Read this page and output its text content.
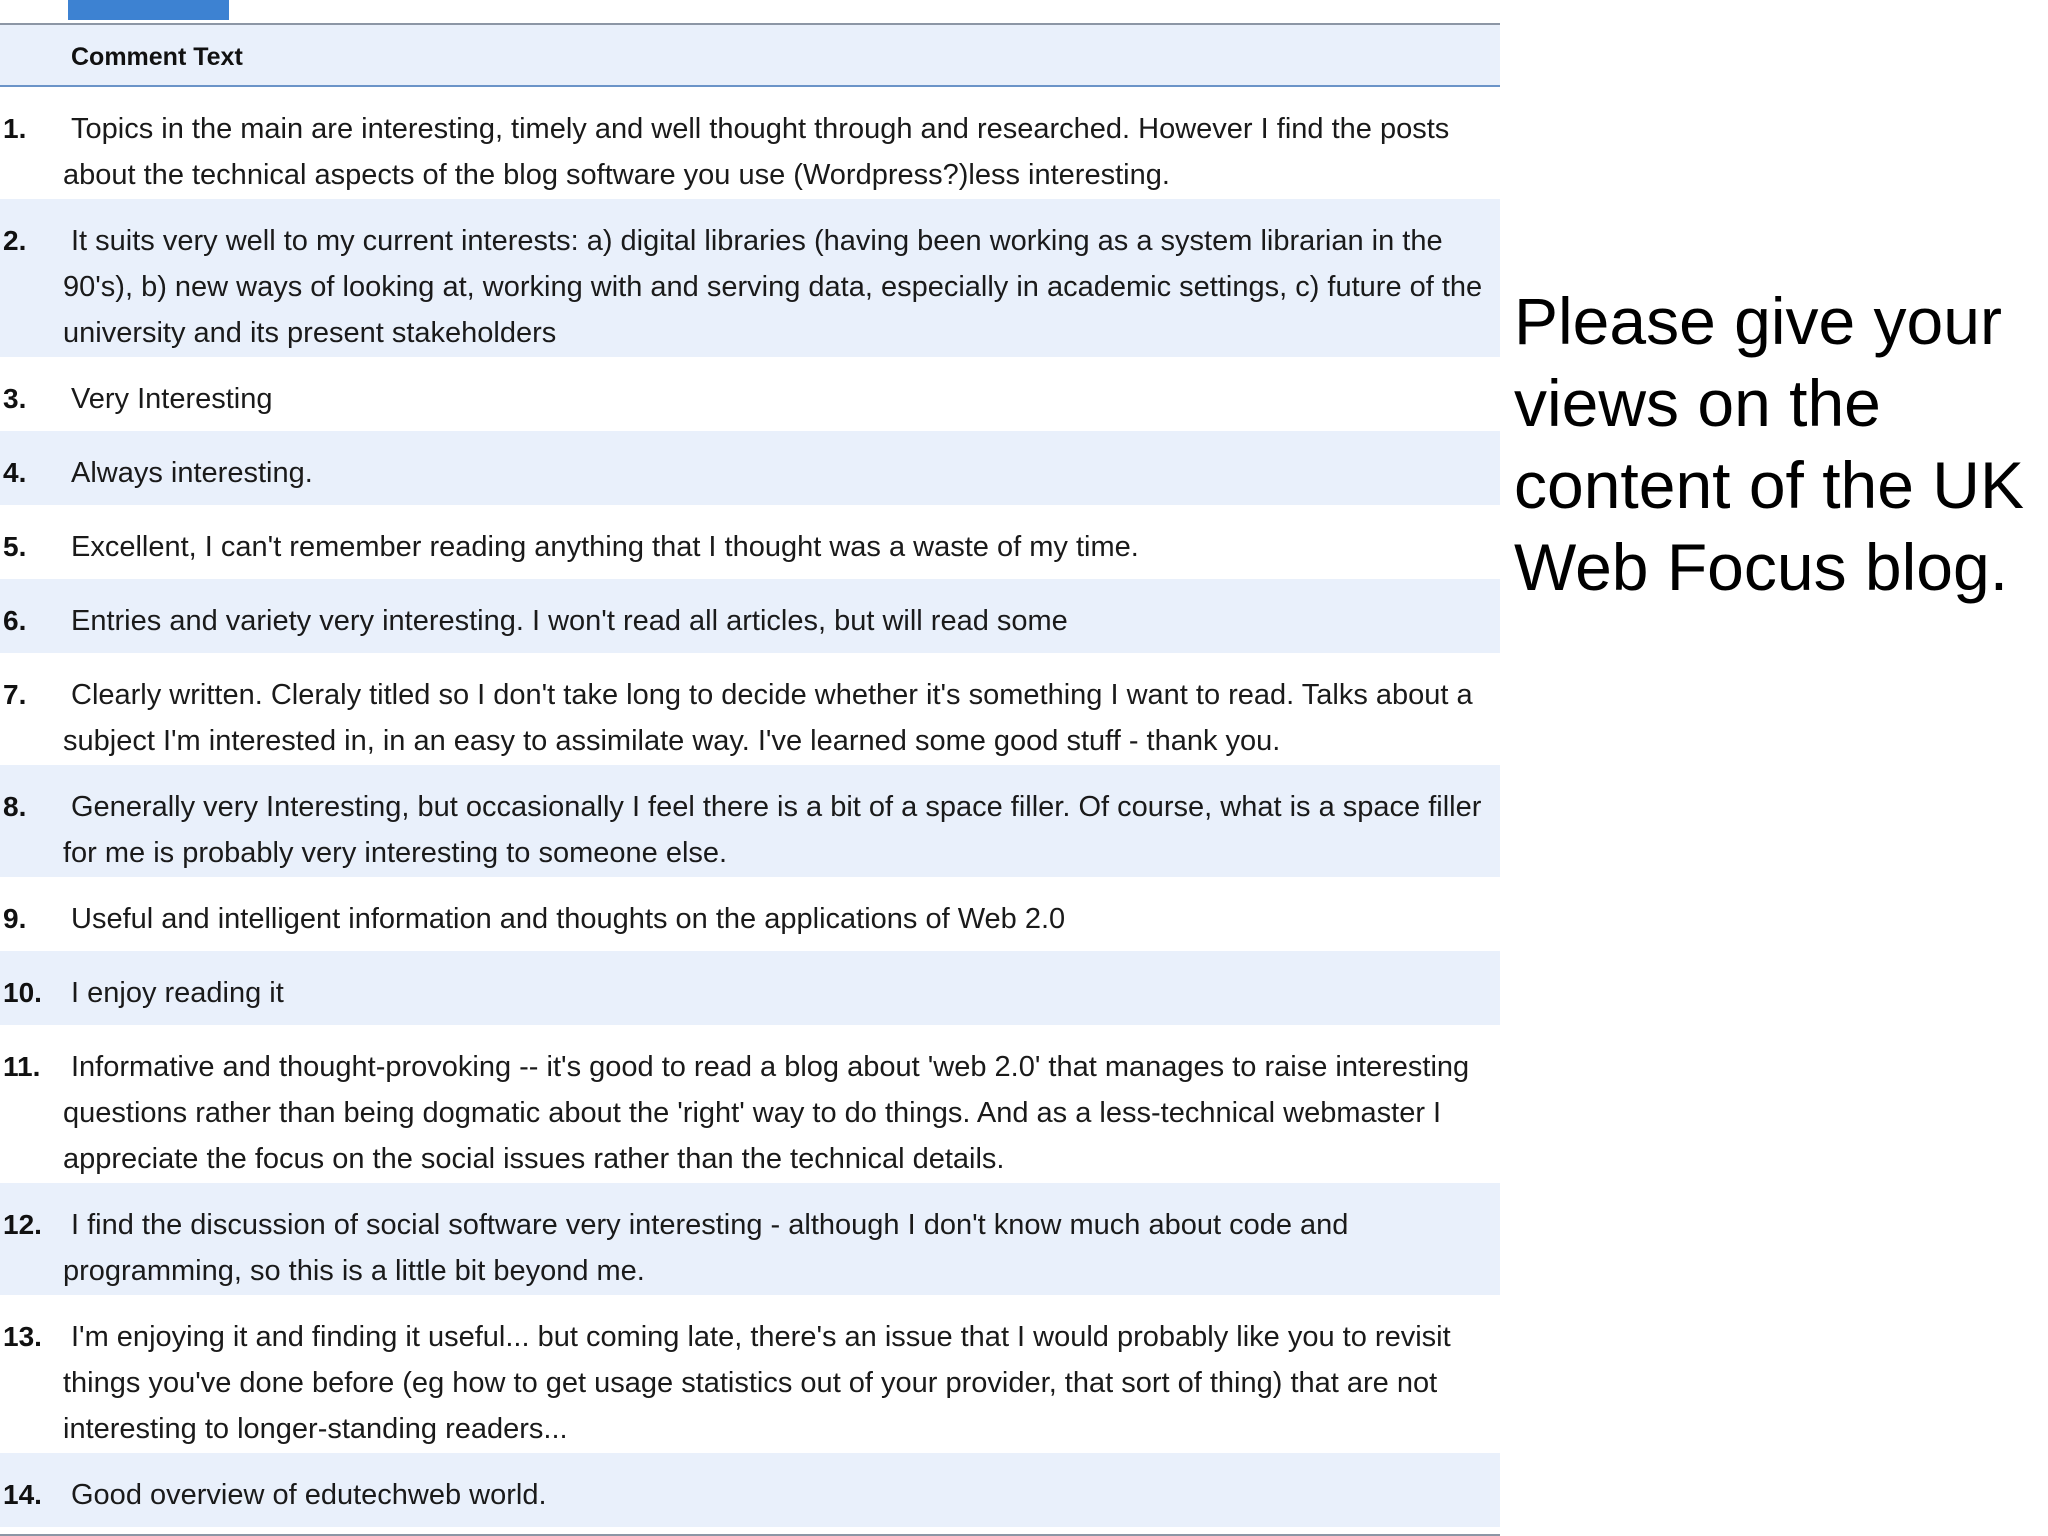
Comment Text
1. Topics in the main are interesting, timely and well thought through and researched. However I find the posts about the technical aspects of the blog software you use (Wordpress?)less interesting.
2. It suits very well to my current interests: a) digital libraries (having been working as a system librarian in the 90's), b) new ways of looking at, working with and serving data, especially in academic settings, c) future of the university and its present stakeholders
3. Very Interesting
4. Always interesting.
5. Excellent, I can't remember reading anything that I thought was a waste of my time.
6. Entries and variety very interesting. I won't read all articles, but will read some
7. Clearly written. Cleraly titled so I don't take long to decide whether it's something I want to read. Talks about a subject I'm interested in, in an easy to assimilate way. I've learned some good stuff - thank you.
8. Generally very Interesting, but occasionally I feel there is a bit of a space filler. Of course, what is a space filler for me is probably very interesting to someone else.
9. Useful and intelligent information and thoughts on the applications of Web 2.0
10. I enjoy reading it
11. Informative and thought-provoking -- it's good to read a blog about 'web 2.0' that manages to raise interesting questions rather than being dogmatic about the 'right' way to do things. And as a less-technical webmaster I appreciate the focus on the social issues rather than the technical details.
12. I find the discussion of social software very interesting - although I don't know much about code and programming, so this is a little bit beyond me.
13. I'm enjoying it and finding it useful... but coming late, there's an issue that I would probably like you to revisit things you've done before (eg how to get usage statistics out of your provider, that sort of thing) that are not interesting to longer-standing readers...
14. Good overview of edutechweb world.
Please give your views on the content of the UK Web Focus blog.
